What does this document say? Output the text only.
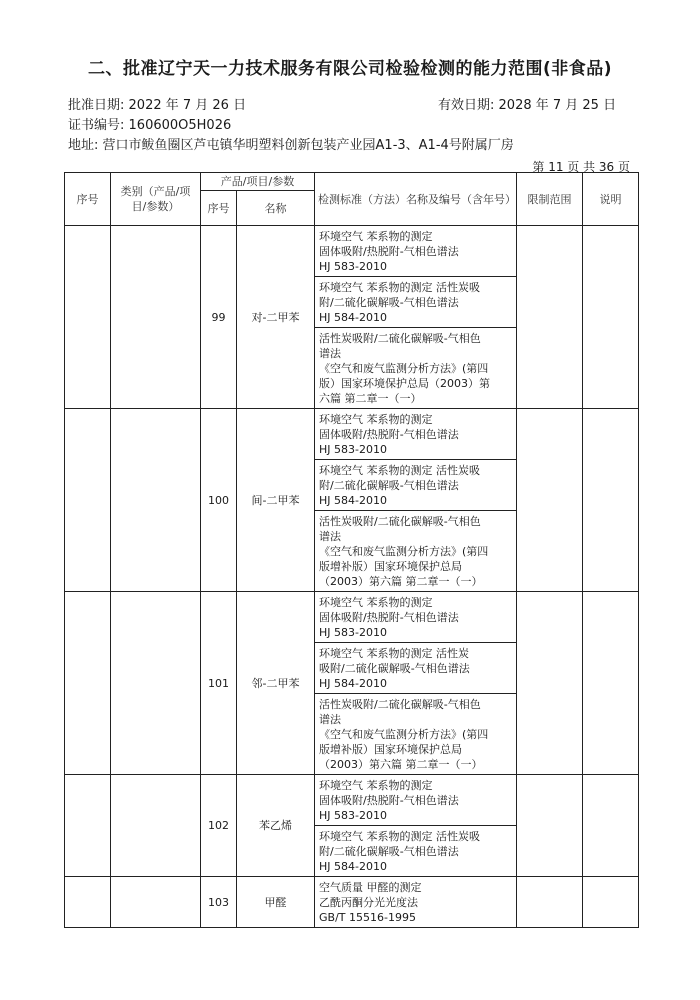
二、批准辽宁天一力技术服务有限公司检验检测的能力范围(非食品)
批准日期: 2022 年 7 月 26 日	有效日期: 2028 年 7 月 25 日
证书编号: 160600O5H026
地址: 营口市鲅鱼圈区芦屯镇华明塑料创新包装产业园A1-3、A1-4号附属厂房
第 11 页 共 36 页
序号	类别（产品/项目/参数）	产品/项目/参数		检测标准（方法）名称及编号（含年号）	限制范围	说明
		序号	名称			
		99	对-二甲苯	环境空气 苯系物的测定
固体吸附/热脱附-气相色谱法
HJ 583-2010		

				环境空气 苯系物的测定 活性炭吸
附/二硫化碳解吸-气相色谱法
HJ 584-2010		

				活性炭吸附/二硫化碳解吸-气相色
谱法
《空气和废气监测分析方法》(第四
版）国家环境保护总局（2003）第
六篇 第二章一（一）		

		100	间-二甲苯	环境空气 苯系物的测定
固体吸附/热脱附-气相色谱法
HJ 583-2010		

				环境空气 苯系物的测定 活性炭吸
附/二硫化碳解吸-气相色谱法
HJ 584-2010		

				活性炭吸附/二硫化碳解吸-气相色
谱法
《空气和废气监测分析方法》(第四
版增补版）国家环境保护总局
（2003）第六篇 第二章一（一）		

		101	邻-二甲苯	环境空气 苯系物的测定
固体吸附/热脱附-气相色谱法
HJ 583-2010		

				环境空气 苯系物的测定 活性炭
吸附/二硫化碳解吸-气相色谱法
HJ 584-2010		

				活性炭吸附/二硫化碳解吸-气相色
谱法
《空气和废气监测分析方法》(第四
版增补版）国家环境保护总局
（2003）第六篇 第二章一（一）		

		102	苯乙烯	环境空气 苯系物的测定
固体吸附/热脱附-气相色谱法
HJ 583-2010		

				环境空气 苯系物的测定 活性炭吸
附/二硫化碳解吸-气相色谱法
HJ 584-2010		

		103	甲醛	空气质量 甲醛的测定
乙酰丙酮分光光度法
GB/T 15516-1995		
